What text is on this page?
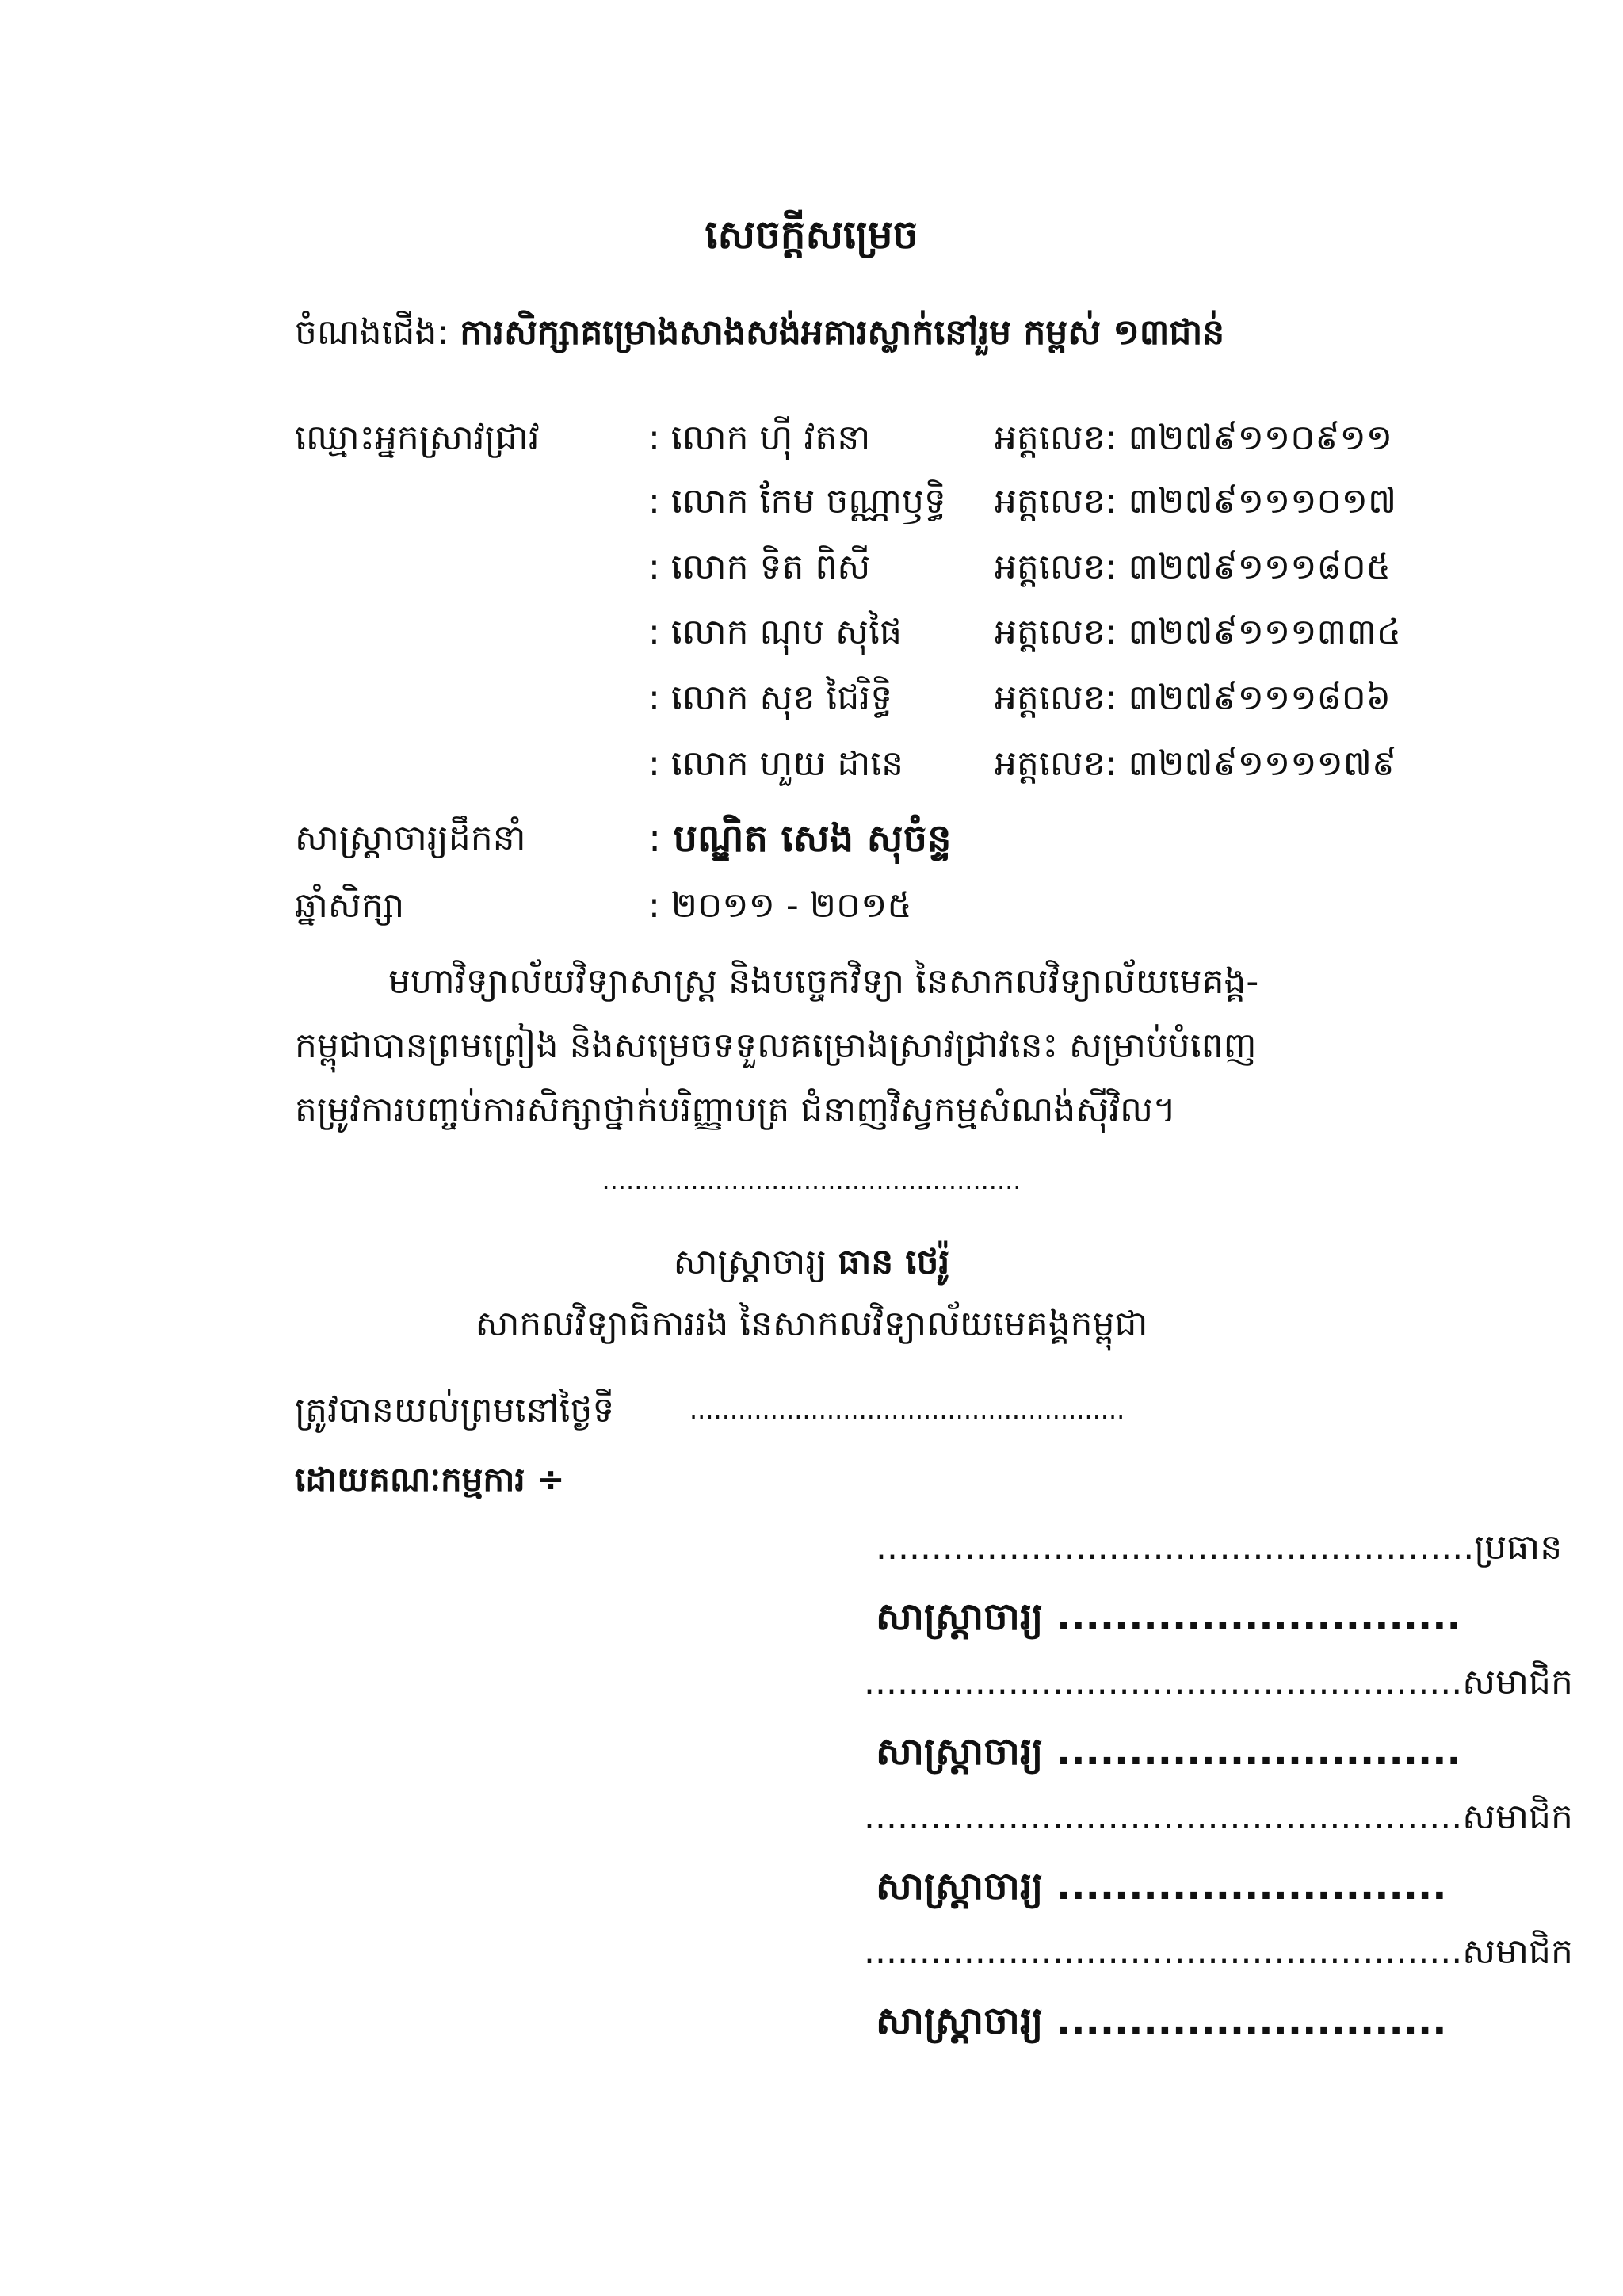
សេចក្តីសម្រេច
ចំណងជើង: ការសិក្សាគម្រោងសាងសង់អគារស្លាក់នៅរួម កម្ពស់ ១៣ជាន់
ឈ្មោះអ្នកស្រាវជ្រាវ	: លោក ហ៊ី វតនា	អត្តលេខ: ៣២៧៩១១០៩១១
: លោក កែម ចណ្ណាឫទ្ធិ អត្តលេខ: ៣២៧៩១១១០១៧
: លោក ទិត ពិសី	អត្តលេខ: ៣២៧៩១១១៨០៥
: លោក ណុប សុផៃ	អត្តលេខ: ៣២៧៩១១១៣៣៤
: លោក សុខ ជៃរិទ្ធិ	អត្តលេខ: ៣២៧៩១១១៨០៦
: លោក ហួយ ដានេ	អត្តលេខ: ៣២៧៩១១១១៧៩
សាស្ត្រាចារ្យដឹកនាំ	: បណ្ឌិត សេង សុចំន្ទ
ឆ្នាំសិក្សា	: ២០១១ - ២០១៥
មហាវិទ្យាល័យវិទ្យាសាស្ត្រ និងបច្ចេកវិទ្យា នៃសាកលវិទ្យាល័យមេគង្គ-
កម្ពុជាបានព្រមព្រៀង និងសម្រេចទទួលគម្រោងស្រាវជ្រាវនេះ សម្រាប់បំពេញ
តម្រូវការបញ្ចប់ការសិក្សាថ្នាក់បរិញ្ញាបត្រ ជំនាញវិស្វកម្មសំណង់ស៊ីវិល។
....................................................
សាស្ត្រាចារ្យ ធាន ថេរ៉ូ
សាកលវិទ្យាធិការរង នៃសាកលវិទ្យាល័យមេគង្គកម្ពុជា
ត្រូវបានយល់ព្រមនៅថ្ងៃទី	......................................................
ដោយគណៈកម្មការ ÷
......................................................ប្រធាន
សាស្ត្រាចារ្យ ............................
......................................................សមាជិក
សាស្ត្រាចារ្យ ............................
......................................................សមាជិក
សាស្ត្រាចារ្យ ...........................
......................................................សមាជិក
សាស្ត្រាចារ្យ ...........................
